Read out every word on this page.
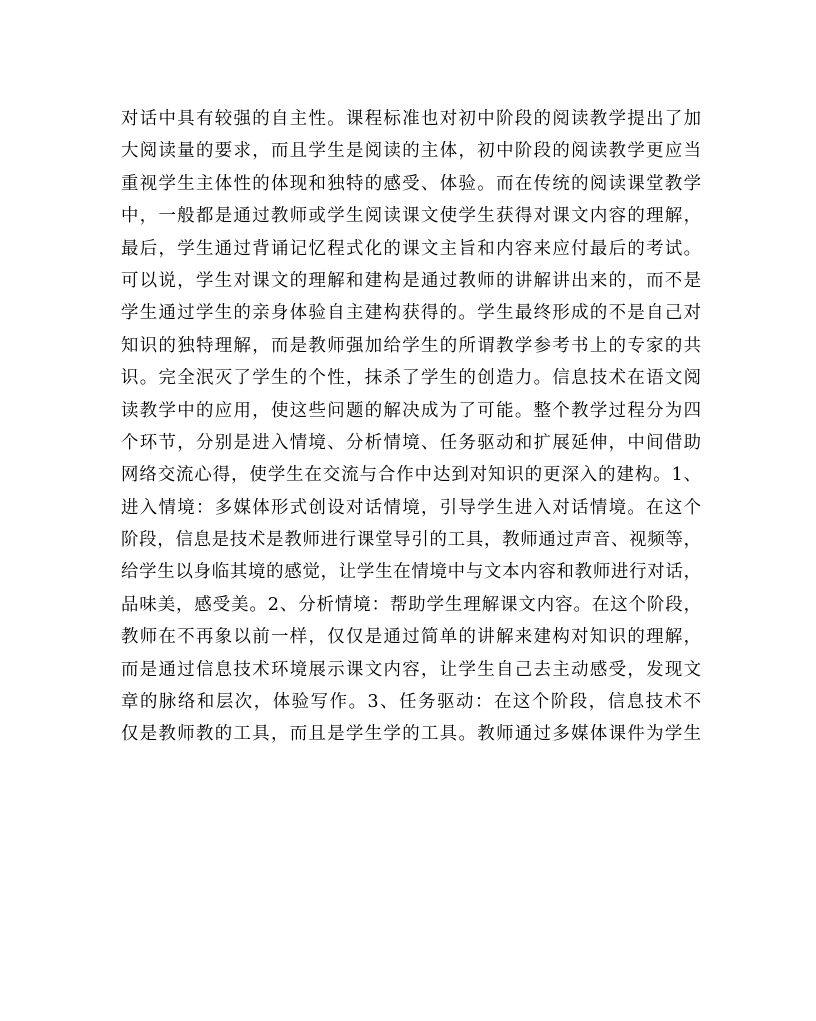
对话中具有较强的自主性。课程标准也对初中阶段的阅读教学提出了加
大阅读量的要求，而且学生是阅读的主体，初中阶段的阅读教学更应当
重视学生主体性的体现和独特的感受、体验。而在传统的阅读课堂教学
中，一般都是通过教师或学生阅读课文使学生获得对课文内容的理解，
最后，学生通过背诵记忆程式化的课文主旨和内容来应付最后的考试。
可以说，学生对课文的理解和建构是通过教师的讲解讲出来的，而不是
学生通过学生的亲身体验自主建构获得的。学生最终形成的不是自己对
知识的独特理解，而是教师强加给学生的所谓教学参考书上的专家的共
识。完全泯灭了学生的个性，抹杀了学生的创造力。信息技术在语文阅
读教学中的应用，使这些问题的解决成为了可能。整个教学过程分为四
个环节，分别是进入情境、分析情境、任务驱动和扩展延伸，中间借助
网络交流心得，使学生在交流与合作中达到对知识的更深入的建构。1、
进入情境：多媒体形式创设对话情境，引导学生进入对话情境。在这个
阶段，信息是技术是教师进行课堂导引的工具，教师通过声音、视频等，
给学生以身临其境的感觉，让学生在情境中与文本内容和教师进行对话，
品味美，感受美。2、分析情境：帮助学生理解课文内容。在这个阶段，
教师在不再象以前一样，仅仅是通过简单的讲解来建构对知识的理解，
而是通过信息技术环境展示课文内容，让学生自己去主动感受，发现文
章的脉络和层次，体验写作。3、任务驱动：在这个阶段，信息技术不
仅是教师教的工具，而且是学生学的工具。教师通过多媒体课件为学生
